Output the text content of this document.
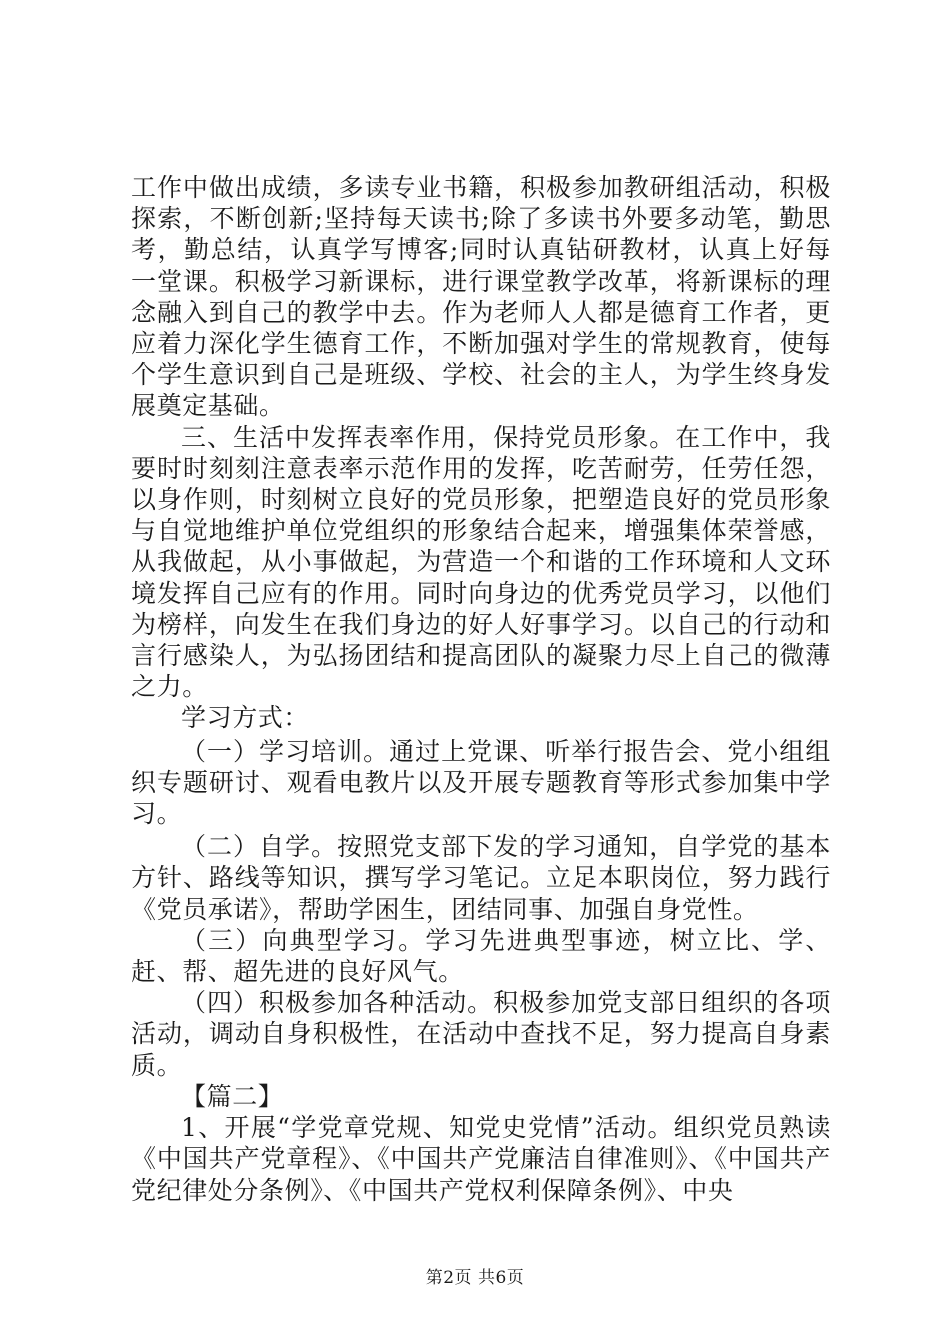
工作中做出成绩，多读专业书籍，积极参加教研组活动，积极探索，不断创新;坚持每天读书;除了多读书外要多动笔，勤思考，勤总结，认真学写博客;同时认真钻研教材，认真上好每一堂课。积极学习新课标，进行课堂教学改革，将新课标的理念融入到自己的教学中去。作为老师人人都是德育工作者，更应着力深化学生德育工作，不断加强对学生的常规教育，使每个学生意识到自己是班级、学校、社会的主人，为学生终身发展奠定基础。

三、生活中发挥表率作用，保持党员形象。在工作中，我要时时刻刻注意表率示范作用的发挥，吃苦耐劳，任劳任怨，以身作则，时刻树立良好的党员形象，把塑造良好的党员形象与自觉地维护单位党组织的形象结合起来，增强集体荣誉感，从我做起，从小事做起，为营造一个和谐的工作环境和人文环境发挥自己应有的作用。同时向身边的优秀党员学习，以他们为榜样，向发生在我们身边的好人好事学习。以自己的行动和言行感染人，为弘扬团结和提高团队的凝聚力尽上自己的微薄之力。

学习方式：

（一）学习培训。通过上党课、听举行报告会、党小组组织专题研讨、观看电教片以及开展专题教育等形式参加集中学习。

（二）自学。按照党支部下发的学习通知，自学党的基本方针、路线等知识，撰写学习笔记。立足本职岗位，努力践行《党员承诺》，帮助学困生，团结同事、加强自身党性。

（三）向典型学习。学习先进典型事迹，树立比、学、赶、帮、超先进的良好风气。

（四）积极参加各种活动。积极参加党支部日组织的各项活动，调动自身积极性，在活动中查找不足，努力提高自身素质。

【篇二】

1、开展“学党章党规、知党史党情”活动。组织党员熟读《中国共产党章程》、《中国共产党廉洁自律准则》、《中国共产党纪律处分条例》、《中国共产党权利保障条例》、中央

第2页 共6页
